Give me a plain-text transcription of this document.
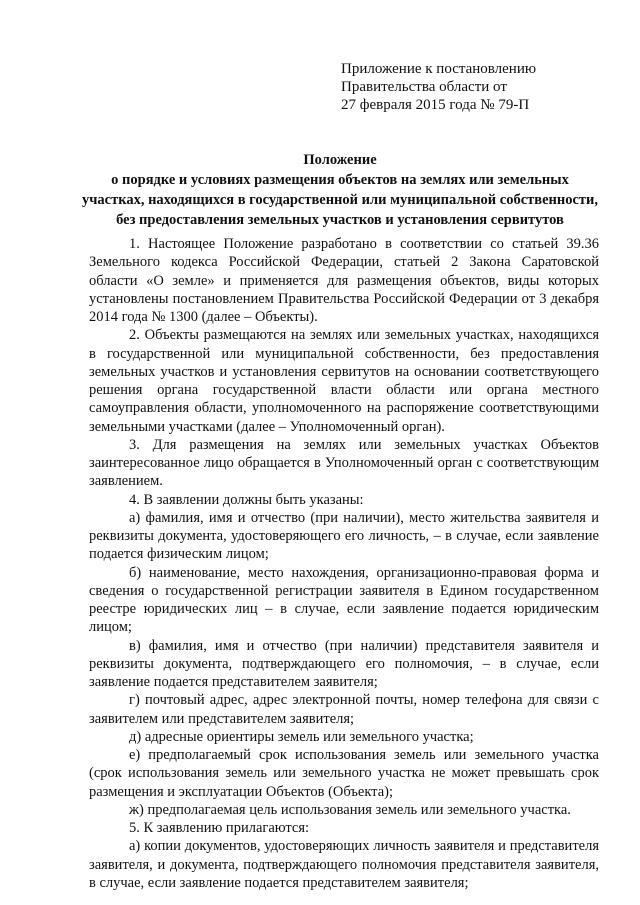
Приложение к постановлению
Правительства области от
27 февраля 2015 года № 79-П
Положение
о порядке и условиях размещения объектов на землях или земельных
участках, находящихся в государственной или муниципальной собственности,
без предоставления земельных участков и установления сервитутов

1. Настоящее Положение разработано в соответствии со статьей 39.36 Земельного кодекса Российской Федерации, статьей 2 Закона Саратовской области «О земле» и применяется для размещения объектов, виды которых установлены постановлением Правительства Российской Федерации от 3 декабря 2014 года № 1300 (далее – Объекты).

2. Объекты размещаются на землях или земельных участках, находящихся в государственной или муниципальной собственности, без предоставления земельных участков и установления сервитутов на основании соответствующего решения органа государственной власти области или органа местного самоуправления области, уполномоченного на распоряжение соответствующими земельными участками (далее – Уполномоченный орган).

3. Для размещения на землях или земельных участках Объектов заинтересованное лицо обращается в Уполномоченный орган с соответствующим заявлением.

4. В заявлении должны быть указаны:

а) фамилия, имя и отчество (при наличии), место жительства заявителя и реквизиты документа, удостоверяющего его личность, – в случае, если заявление подается физическим лицом;

б) наименование, место нахождения, организационно-правовая форма и сведения о государственной регистрации заявителя в Едином государственном реестре юридических лиц – в случае, если заявление подается юридическим лицом;

в) фамилия, имя и отчество (при наличии) представителя заявителя и реквизиты документа, подтверждающего его полномочия, – в случае, если заявление подается представителем заявителя;

г) почтовый адрес, адрес электронной почты, номер телефона для связи с заявителем или представителем заявителя;

д) адресные ориентиры земель или земельного участка;

е) предполагаемый срок использования земель или земельного участка (срок использования земель или земельного участка не может превышать срок размещения и эксплуатации Объектов (Объекта);

ж) предполагаемая цель использования земель или земельного участка.

5. К заявлению прилагаются:

а) копии документов, удостоверяющих личность заявителя и представителя заявителя, и документа, подтверждающего полномочия представителя заявителя, в случае, если заявление подается представителем заявителя;
